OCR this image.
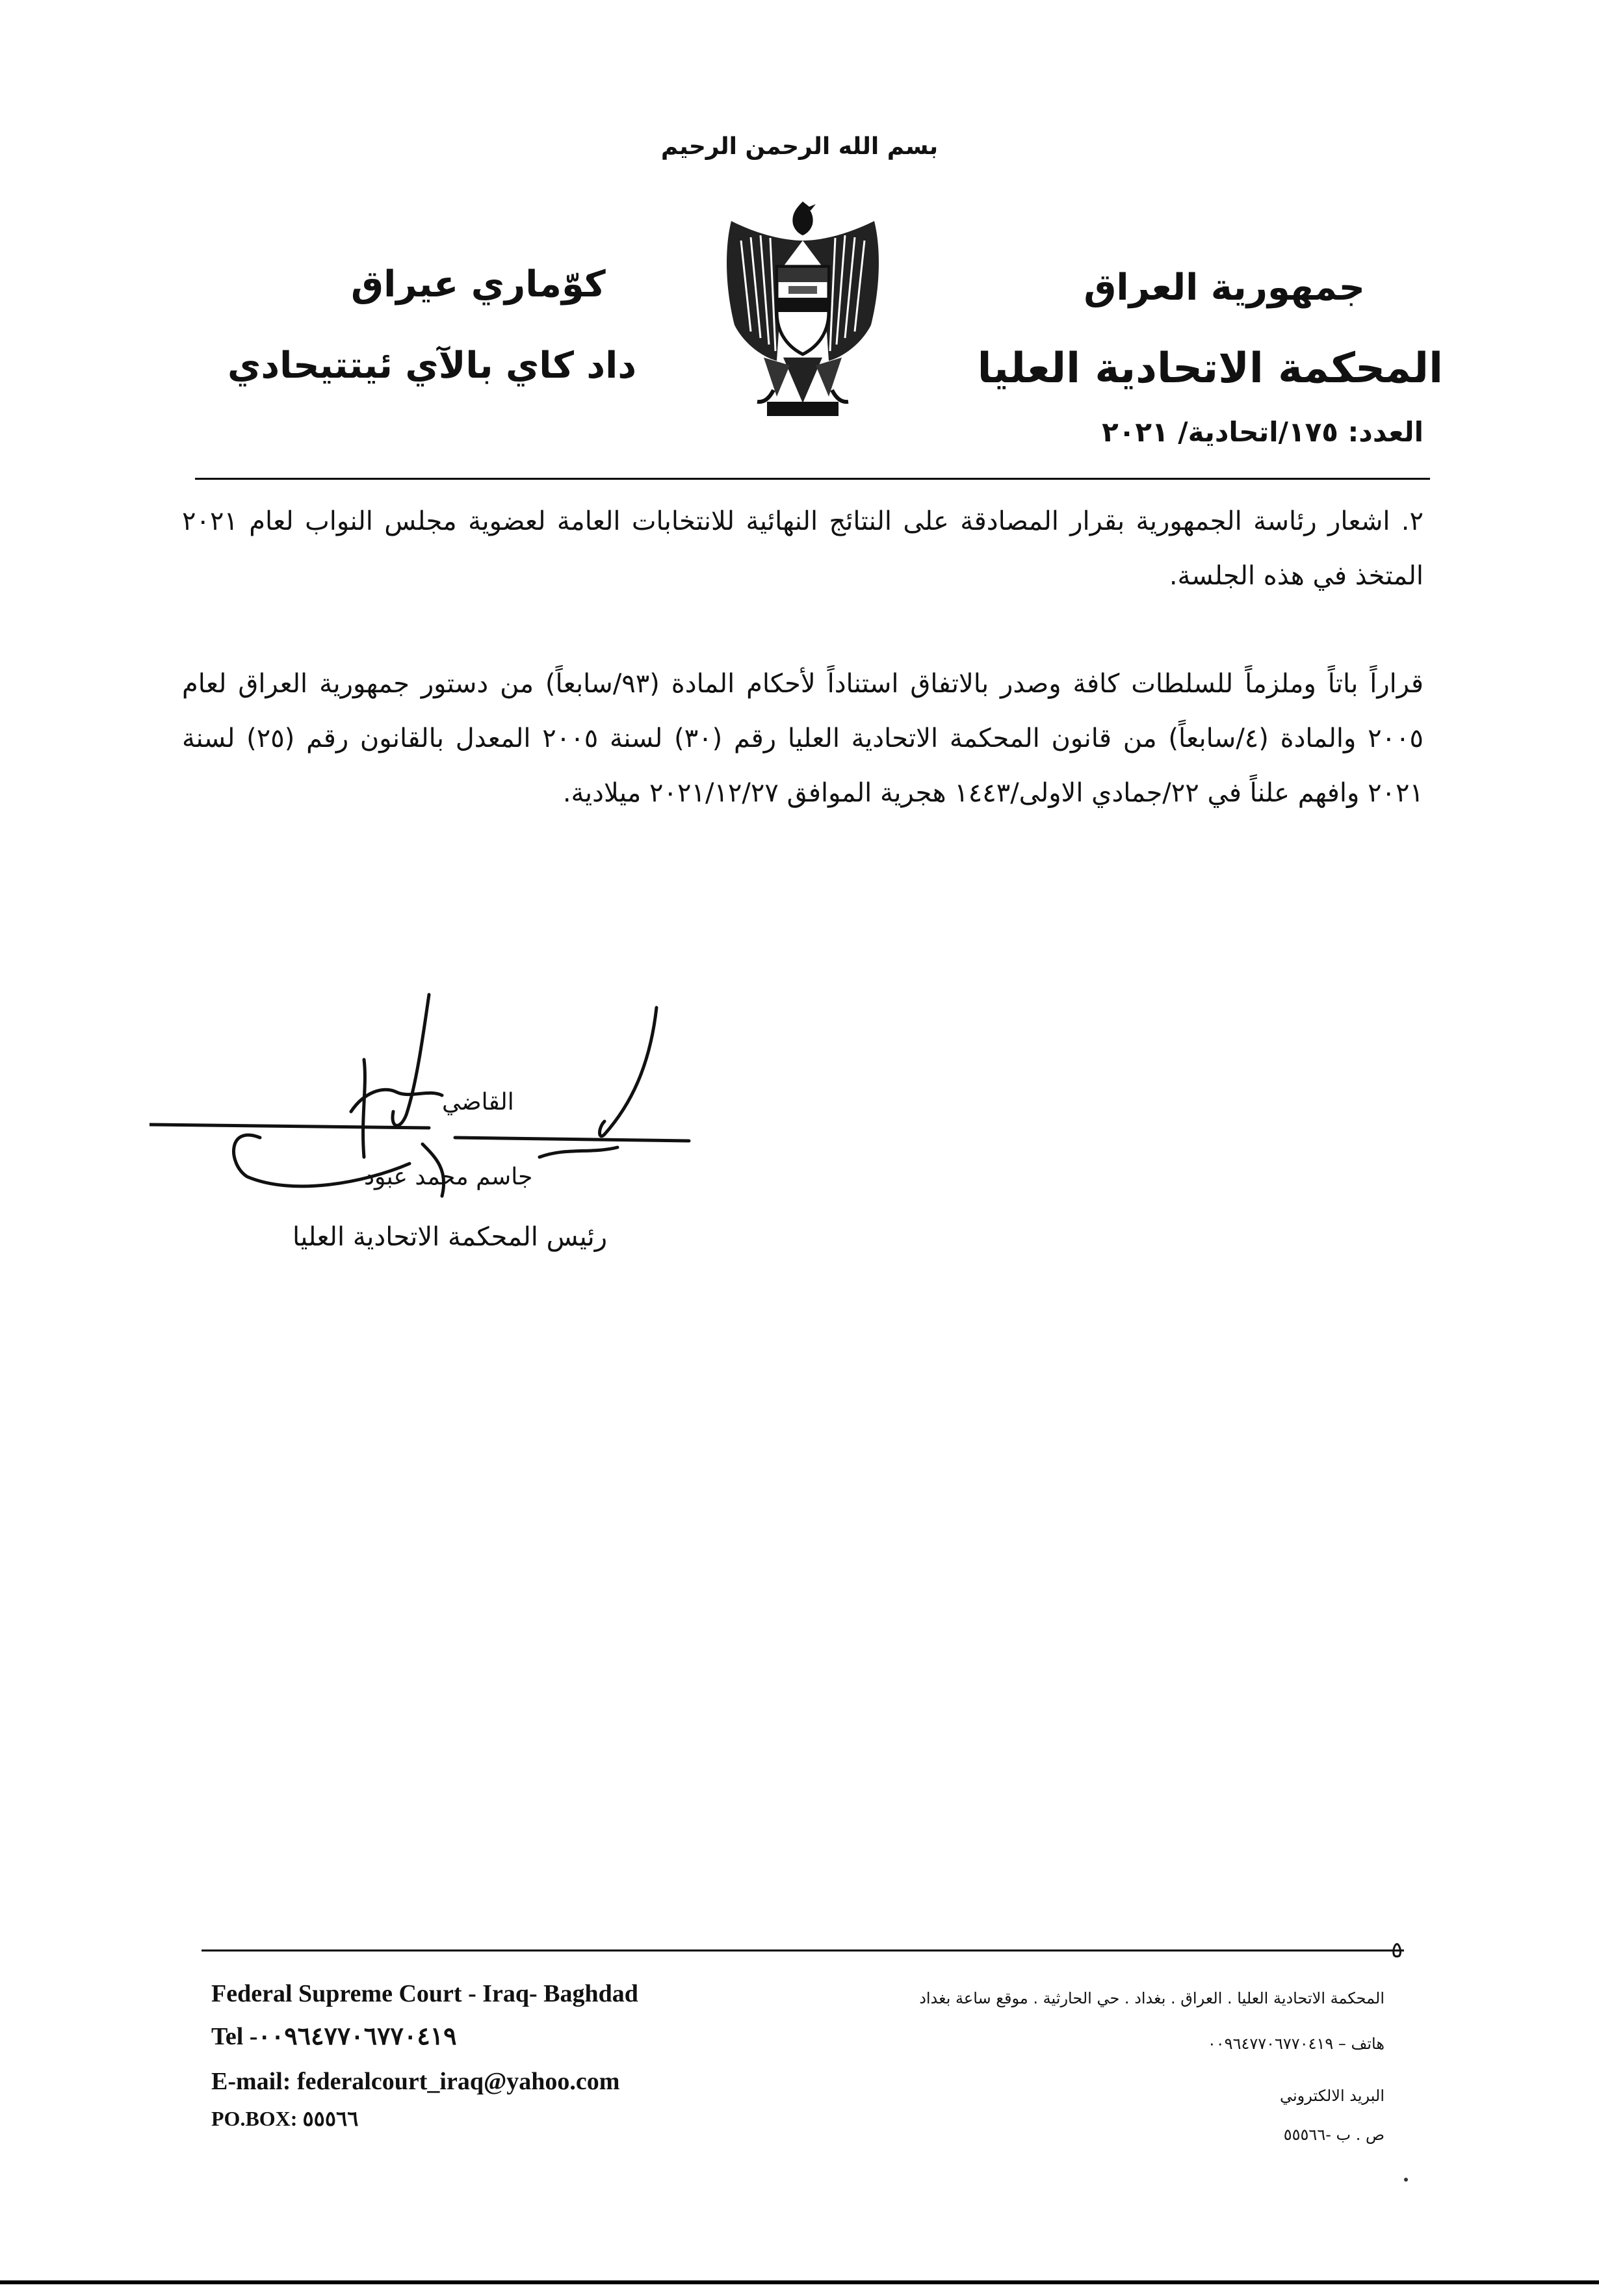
بسم الله الرحمن الرحيم
جمهورية العراق
المحكمة الاتحادية العليا
كوّماري عيراق
داد كاي بالآي ئيتتيحادي
العدد: ١٧٥/اتحادية/ ٢٠٢١
٢. اشعار رئاسة الجمهورية بقرار المصادقة على النتائج النهائية للانتخابات العامة لعضوية مجلس النواب لعام ٢٠٢١ المتخذ في هذه الجلسة.
قراراً باتاً وملزماً للسلطات كافة وصدر بالاتفاق استناداً لأحكام المادة (٩٣/سابعاً) من دستور جمهورية العراق لعام ٢٠٠٥ والمادة (٤/سابعاً) من قانون المحكمة الاتحادية العليا رقم (٣٠) لسنة ٢٠٠٥ المعدل بالقانون رقم (٢٥) لسنة ٢٠٢١ وافهم علناً في ٢٢/جمادي الاولى/١٤٤٣ هجرية الموافق ٢٠٢١/١٢/٢٧ ميلادية.
القاضي
جاسم محمد عبود
رئيس المحكمة الاتحادية العليا
٥
Federal Supreme Court - Iraq- Baghdad
Tel -٠٠٩٦٤٧٧٠٦٧٧٠٤١٩
E-mail: federalcourt_iraq@yahoo.com
PO.BOX: ٥٥٥٦٦
المحكمة الاتحادية العليا . العراق . بغداد . حي الحارثية . موقع ساعة بغداد
هاتف – ٠٠٩٦٤٧٧٠٦٧٧٠٤١٩
البريد الالكتروني
ص . ب -٥٥٥٦٦
